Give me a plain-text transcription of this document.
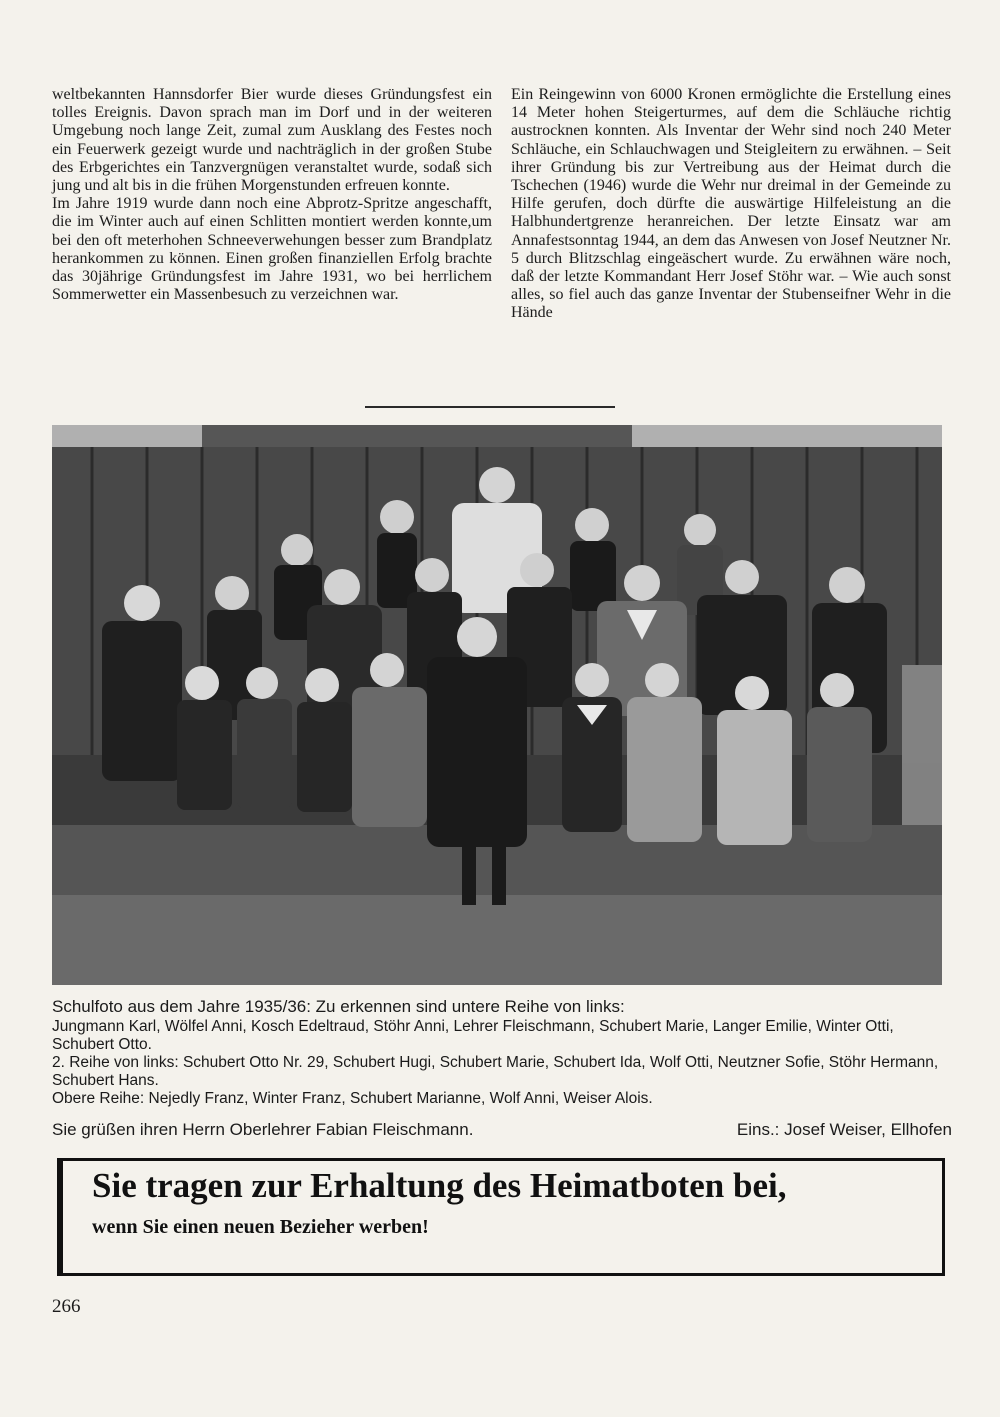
weltbekannten Hannsdorfer Bier wurde dieses Gründungsfest ein tolles Ereignis. Davon sprach man im Dorf und in der weiteren Umgebung noch lange Zeit, zumal zum Ausklang des Festes noch ein Feuerwerk gezeigt wurde und nachträglich in der großen Stube des Erbgerichtes ein Tanzvergnügen veranstaltet wurde, sodaß sich jung und alt bis in die frühen Morgenstunden erfreuen konnte.

Im Jahre 1919 wurde dann noch eine Abprotz-Spritze angeschafft, die im Winter auch auf einen Schlitten montiert werden konnte,um bei den oft meterhohen Schneeverwehungen besser zum Brandplatz herankommen zu können. Einen großen finanziellen Erfolg brachte das 30jährige Gründungsfest im Jahre 1931, wo bei herrlichem Sommerwetter ein Massenbesuch zu verzeichnen war.

Ein Reingewinn von 6000 Kronen ermöglichte die Erstellung eines 14 Meter hohen Steigerturmes, auf dem die Schläuche richtig austrocknen konnten. Als Inventar der Wehr sind noch 240 Meter Schläuche, ein Schlauchwagen und Steigleitern zu erwähnen. – Seit ihrer Gründung bis zur Vertreibung aus der Heimat durch die Tschechen (1946) wurde die Wehr nur dreimal in der Gemeinde zu Hilfe gerufen, doch dürfte die auswärtige Hilfeleistung an die Halbhundertgrenze heranreichen. Der letzte Einsatz war am Annafestsonntag 1944, an dem das Anwesen von Josef Neutzner Nr. 5 durch Blitzschlag eingeäschert wurde. Zu erwähnen wäre noch, daß der letzte Kommandant Herr Josef Stöhr war. – Wie auch sonst alles, so fiel auch das ganze Inventar der Stubenseifner Wehr in die Hände

Schulfoto aus dem Jahre 1935/36: Zu erkennen sind untere Reihe von links:

Jungmann Karl, Wölfel Anni, Kosch Edeltraud, Stöhr Anni, Lehrer Fleischmann, Schubert Marie, Langer Emilie, Winter Otti, Schubert Otto.

2. Reihe von links: Schubert Otto Nr. 29, Schubert Hugi, Schubert Marie, Schubert Ida, Wolf Otti, Neutzner Sofie, Stöhr Hermann, Schubert Hans.

Obere Reihe: Nejedly Franz, Winter Franz, Schubert Marianne, Wolf Anni, Weiser Alois.

Sie grüßen ihren Herrn Oberlehrer Fabian Fleischmann.	Eins.: Josef Weiser, Ellhofen
Sie tragen zur Erhaltung des Heimatboten bei,
wenn Sie einen neuen Bezieher werben!
266
